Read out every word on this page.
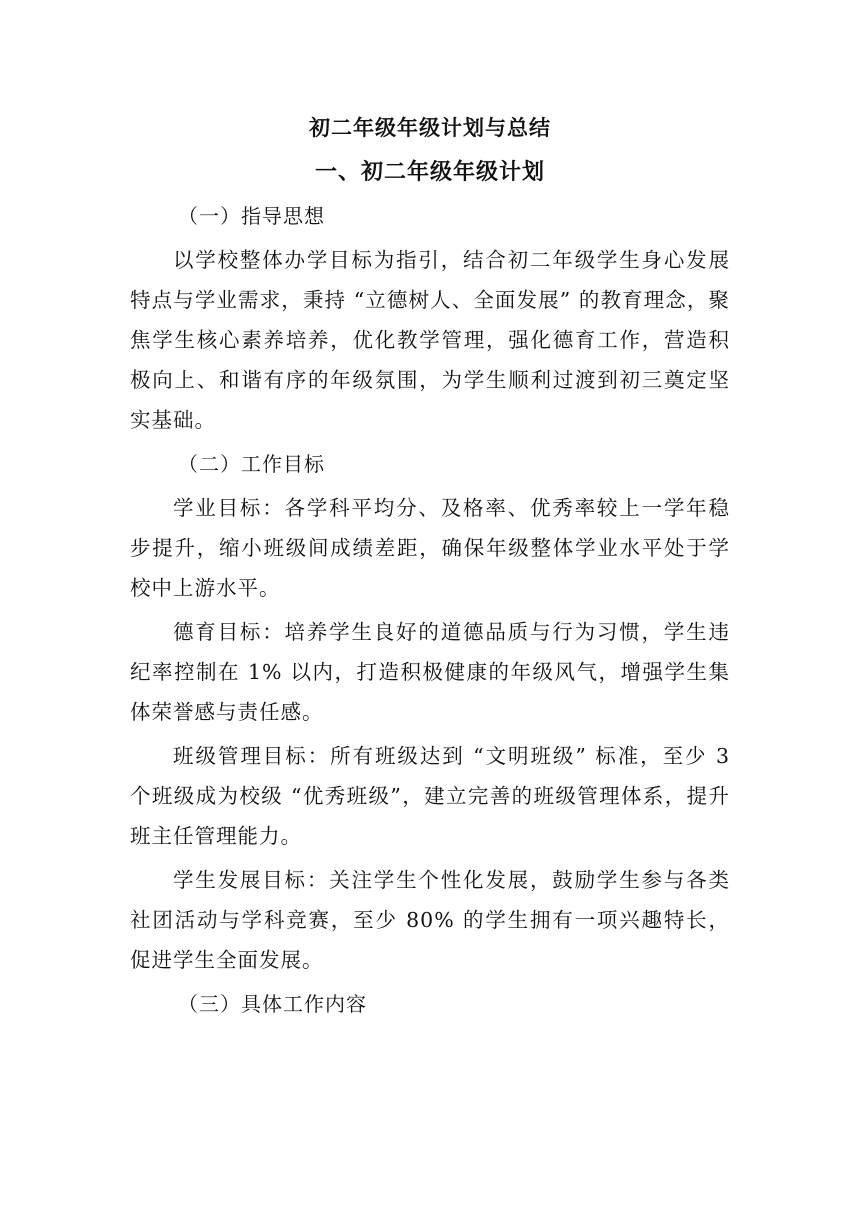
初二年级年级计划与总结
一、初二年级年级计划
（一）指导思想

以学校整体办学目标为指引，结合初二年级学生身心发展特点与学业需求，秉持 “立德树人、全面发展” 的教育理念，聚焦学生核心素养培养，优化教学管理，强化德育工作，营造积极向上、和谐有序的年级氛围，为学生顺利过渡到初三奠定坚实基础。

（二）工作目标

学业目标：各学科平均分、及格率、优秀率较上一学年稳步提升，缩小班级间成绩差距，确保年级整体学业水平处于学校中上游水平。

德育目标：培养学生良好的道德品质与行为习惯，学生违纪率控制在 1% 以内，打造积极健康的年级风气，增强学生集体荣誉感与责任感。

班级管理目标：所有班级达到 “文明班级” 标准，至少 3 个班级成为校级 “优秀班级”，建立完善的班级管理体系，提升班主任管理能力。

学生发展目标：关注学生个性化发展，鼓励学生参与各类社团活动与学科竞赛，至少 80% 的学生拥有一项兴趣特长，促进学生全面发展。

（三）具体工作内容
